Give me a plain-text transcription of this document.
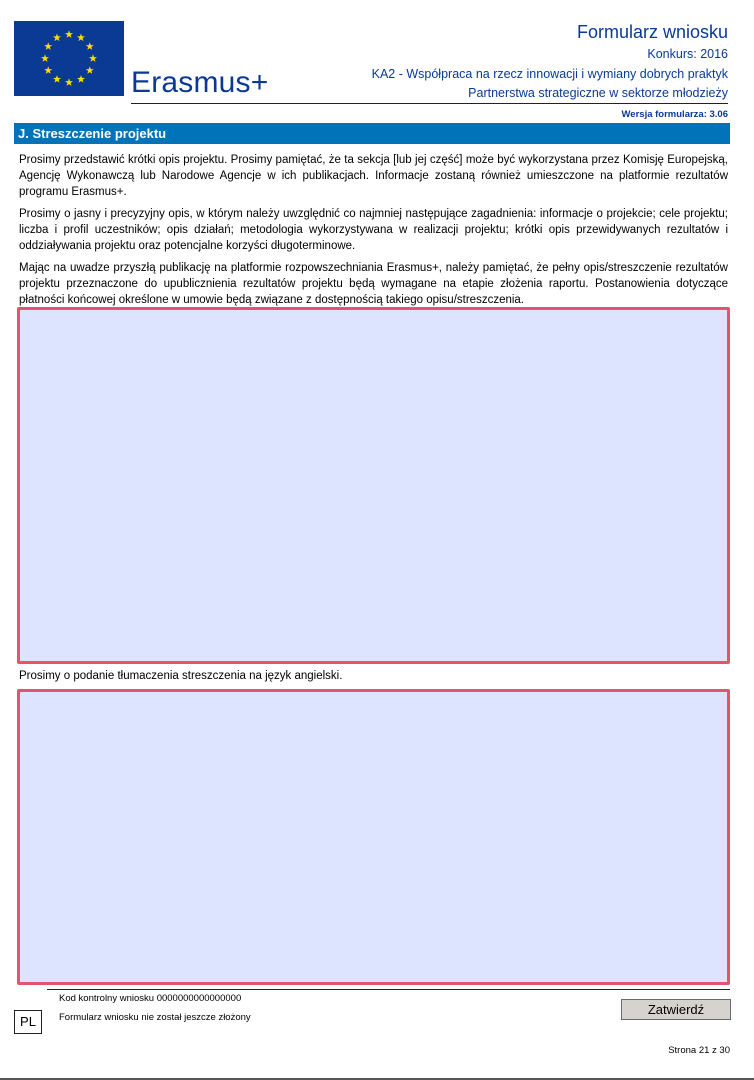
Erasmus+
Formularz wniosku
Konkurs: 2016
KA2 - Współpraca na rzecz innowacji i wymiany dobrych praktyk
Partnerstwa strategiczne w sektorze młodzieży
Wersja formularza: 3.06
J. Streszczenie projektu

Prosimy przedstawić krótki opis projektu. Prosimy pamiętać, że ta sekcja [lub jej część] może być wykorzystana przez Komisję Europejską, Agencję Wykonawczą lub Narodowe Agencje w ich publikacjach. Informacje zostaną również umieszczone na platformie rezultatów programu Erasmus+.

Prosimy o jasny i precyzyjny opis, w którym należy uwzględnić co najmniej następujące zagadnienia: informacje o projekcie; cele projektu; liczba i profil uczestników; opis działań; metodologia wykorzystywana w realizacji projektu; krótki opis przewidywanych rezultatów i oddziaływania projektu oraz potencjalne korzyści długoterminowe.

Mając na uwadze przyszłą publikację na platformie rozpowszechniania Erasmus+, należy pamiętać, że pełny opis/streszczenie rezultatów projektu przeznaczone do upublicznienia rezultatów projektu będą wymagane na etapie złożenia raportu. Postanowienia dotyczące płatności końcowej określone w umowie będą związane z dostępnością takiego opisu/streszczenia.

Prosimy o podanie tłumaczenia streszczenia na język angielski.
Kod kontrolny wniosku 0000000000000000
PL	Formularz wniosku nie został jeszcze złożony
Zatwierdź
Strona 21 z 30
